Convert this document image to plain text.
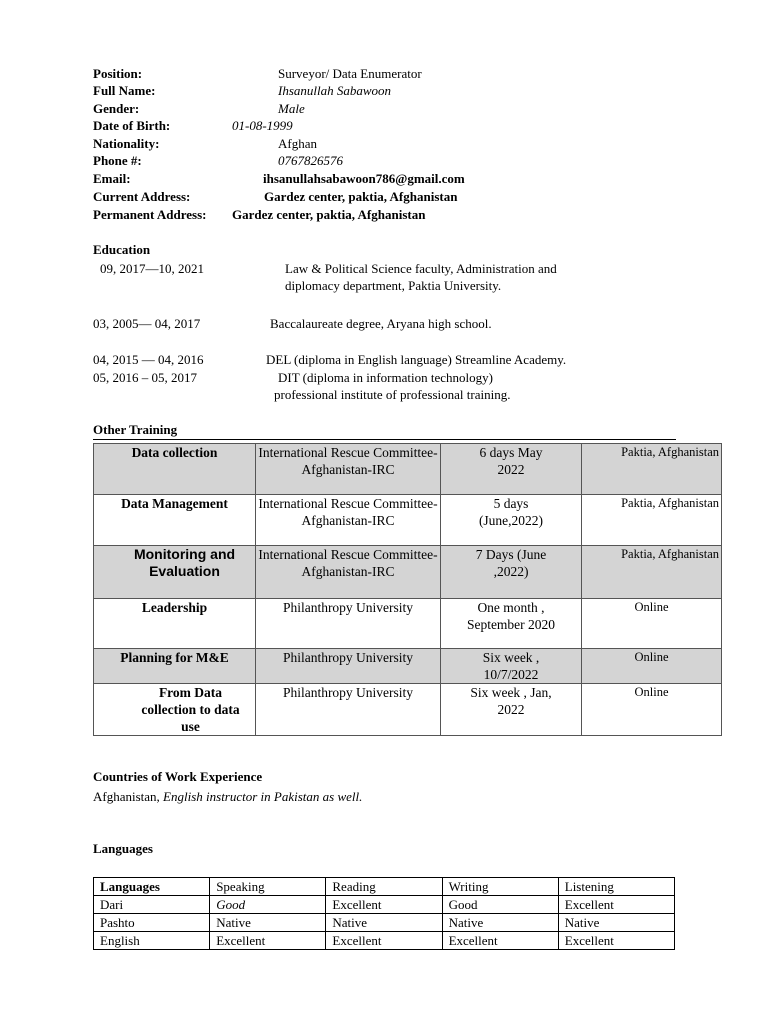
Position:	Surveyor/ Data Enumerator
Full Name:	Ihsanullah Sabawoon
Gender:	Male
Date of Birth:	01-08-1999
Nationality:	Afghan
Phone #:	0767826576
Email:	ihsanullahsabawoon786@gmail.com
Current Address:	Gardez center, paktia, Afghanistan
Permanent Address: Gardez center, paktia, Afghanistan
Education
09, 2017—10, 2021	Law & Political Science faculty, Administration and
diplomacy department, Paktia University.
03, 2005— 04, 2017	Baccalaureate degree, Aryana high school.
04, 2015 — 04, 2016	DEL (diploma in English language) Streamline Academy.
05, 2016 – 05, 2017	DIT (diploma in information technology)
professional institute of professional training.
Other Training
Data collection	International Rescue Committee- Afghanistan-IRC	6 days May 2022	Paktia, Afghanistan
Data Management	International Rescue Committee- Afghanistan-IRC	5 days (June,2022)	Paktia, Afghanistan
Monitoring and Evaluation	International Rescue Committee- Afghanistan-IRC	7 Days (June ,2022)	Paktia, Afghanistan
Leadership	Philanthropy University	One month , September 2020	Online
Planning for M&E	Philanthropy University	Six week , 10/7/2022	Online
From Data collection to data use	Philanthropy University	Six week , Jan, 2022	Online
Countries of Work Experience
Afghanistan, English instructor in Pakistan as well.
Languages
Languages	Speaking	Reading	Writing	Listening
Dari	Good	Excellent	Good	Excellent
Pashto	Native	Native	Native	Native
English	Excellent	Excellent	Excellent	Excellent
